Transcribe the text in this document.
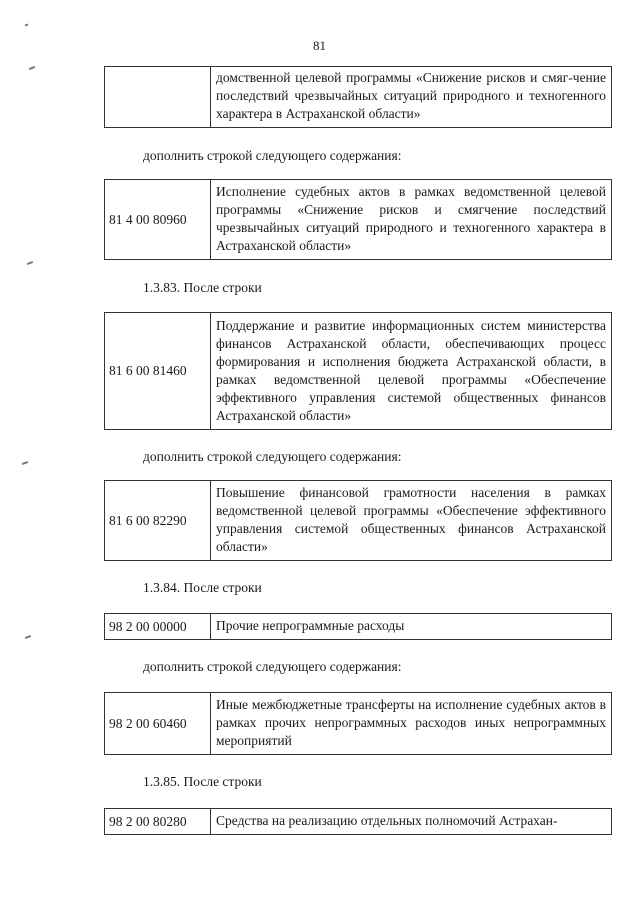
81
домственной целевой программы «Снижение рисков и смяг-чение последствий чрезвычайных ситуаций природного и техногенного характера в Астраханской области»
дополнить строкой следующего содержания:
81 4 00 80960
Исполнение судебных актов в рамках ведомственной целевой программы «Снижение рисков и смягчение последствий чрезвычайных ситуаций природного и техногенного характера в Астраханской области»
1.3.83. После строки
81 6 00 81460
Поддержание и развитие информационных систем министерства финансов Астраханской области, обеспечивающих процесс формирования и исполнения бюджета Астраханской области, в рамках ведомственной целевой программы «Обеспечение эффективного управления системой общественных финансов Астраханской области»
дополнить строкой следующего содержания:
81 6 00 82290
Повышение финансовой грамотности населения в рамках ведомственной целевой программы «Обеспечение эффективного управления системой общественных финансов Астраханской области»
1.3.84. После строки
98 2 00 00000	Прочие непрограммные расходы
дополнить строкой следующего содержания:
98 2 00 60460
Иные межбюджетные трансферты на исполнение судебных актов в рамках прочих непрограммных расходов иных непрограммных мероприятий
1.3.85. После строки
98 2 00 80280	Средства на реализацию отдельных полномочий Астрахан-
